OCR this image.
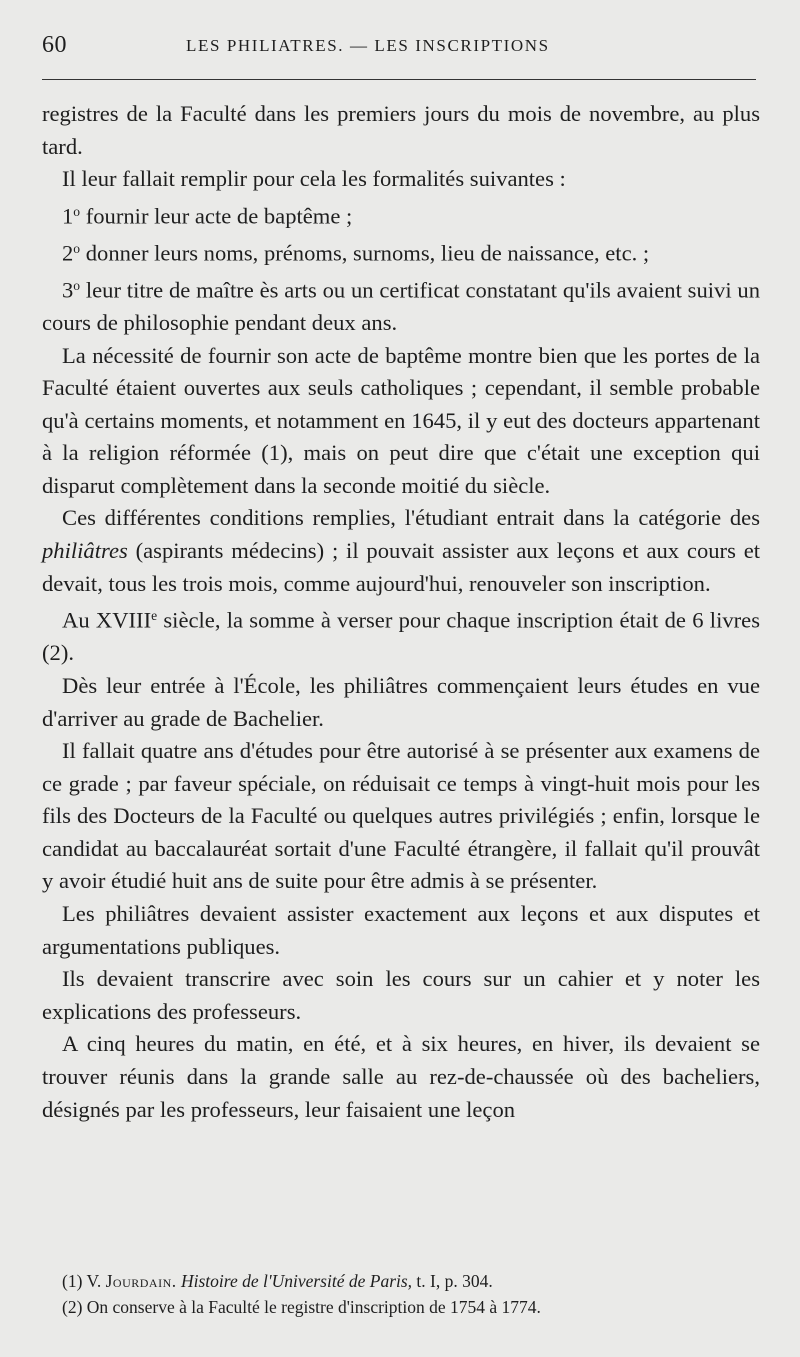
60	LES PHILIATRES. — LES INSCRIPTIONS

registres de la Faculté dans les premiers jours du mois de novembre, au plus tard.

Il leur fallait remplir pour cela les formalités suivantes :

1$^o$ fournir leur acte de baptême ;

2$^o$ donner leurs noms, prénoms, surnoms, lieu de naissance, etc. ;

3$^o$ leur titre de maître ès arts ou un certificat constatant qu'ils avaient suivi un cours de philosophie pendant deux ans.

La nécessité de fournir son acte de baptême montre bien que les portes de la Faculté étaient ouvertes aux seuls catholiques ; cependant, il semble probable qu'à certains moments, et notamment en 1645, il y eut des docteurs appartenant à la religion réformée (1), mais on peut dire que c'était une exception qui disparut complètement dans la seconde moitié du siècle.

Ces différentes conditions remplies, l'étudiant entrait dans la catégorie des philiâtres (aspirants médecins) ; il pouvait assister aux leçons et aux cours et devait, tous les trois mois, comme aujourd'hui, renouveler son inscription.

Au XVIIIe siècle, la somme à verser pour chaque inscription était de 6 livres (2).

Dès leur entrée à l'École, les philiâtres commençaient leurs études en vue d'arriver au grade de Bachelier.

Il fallait quatre ans d'études pour être autorisé à se présenter aux examens de ce grade ; par faveur spéciale, on réduisait ce temps à vingt-huit mois pour les fils des Docteurs de la Faculté ou quelques autres privilégiés ; enfin, lorsque le candidat au baccalauréat sortait d'une Faculté étrangère, il fallait qu'il prouvât y avoir étudié huit ans de suite pour être admis à se présenter.

Les philiâtres devaient assister exactement aux leçons et aux disputes et argumentations publiques.

Ils devaient transcrire avec soin les cours sur un cahier et y noter les explications des professeurs.

A cinq heures du matin, en été, et à six heures, en hiver, ils devaient se trouver réunis dans la grande salle au rez-de-chaussée où des bacheliers, désignés par les professeurs, leur faisaient une leçon

(1) V. Jourdain. Histoire de l'Université de Paris, t. I, p. 304.
(2) On conserve à la Faculté le registre d'inscription de 1754 à 1774.
